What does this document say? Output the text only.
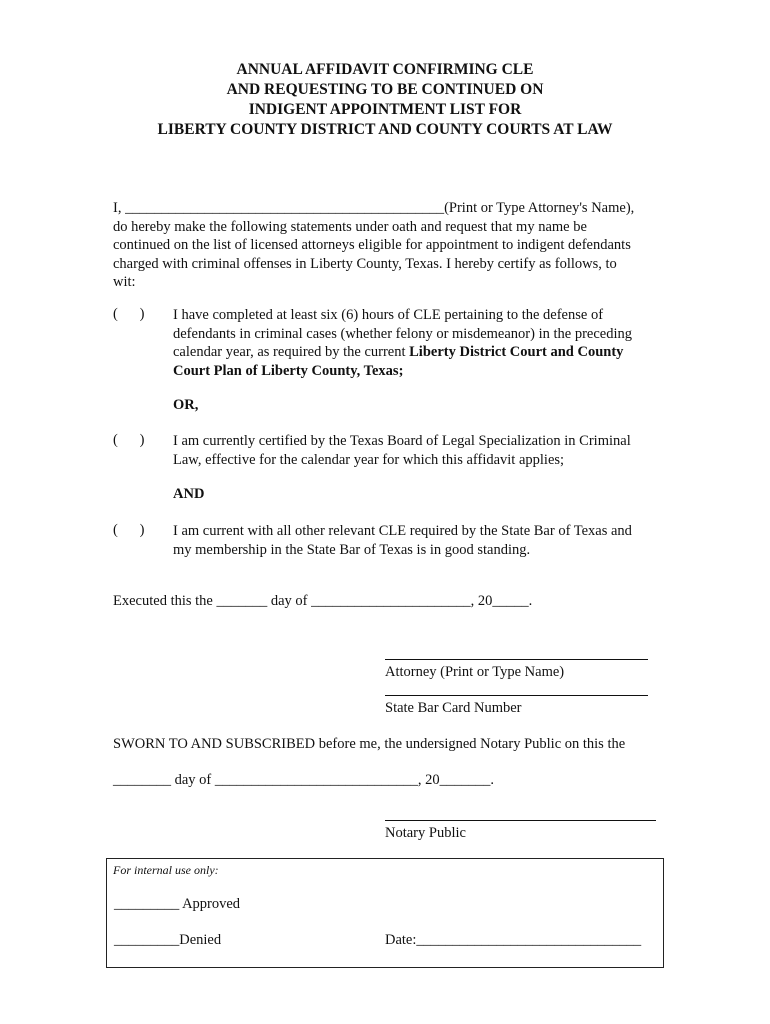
ANNUAL AFFIDAVIT CONFIRMING CLE
AND REQUESTING TO BE CONTINUED ON
INDIGENT APPOINTMENT LIST FOR
LIBERTY COUNTY DISTRICT AND COUNTY COURTS AT LAW
I, ____________________________________________(Print or Type Attorney's Name),
do hereby make the following statements under oath and request that my name be
continued on the list of licensed attorneys eligible for appointment to indigent defendants
charged with criminal offenses in Liberty County, Texas. I hereby certify as follows, to
wit:
(      )	I have completed at least six (6) hours of CLE pertaining to the defense of
defendants in criminal cases (whether felony or misdemeanor) in the preceding
calendar year, as required by the current Liberty District Court and County
Court Plan of Liberty County, Texas;
OR,
(      )	I am currently certified by the Texas Board of Legal Specialization in Criminal
Law, effective for the calendar year for which this affidavit applies;
AND
(      )	I am current with all other relevant CLE required by the State Bar of Texas and
my membership in the State Bar of Texas is in good standing.
Executed this the _______ day of ______________________, 20_____.
Attorney (Print or Type Name)
State Bar Card Number
SWORN TO AND SUBSCRIBED before me, the undersigned Notary Public on this the
________ day of ____________________________, 20_______.
Notary Public
For internal use only:
_________ Approved
_________Denied	Date:_______________________________
